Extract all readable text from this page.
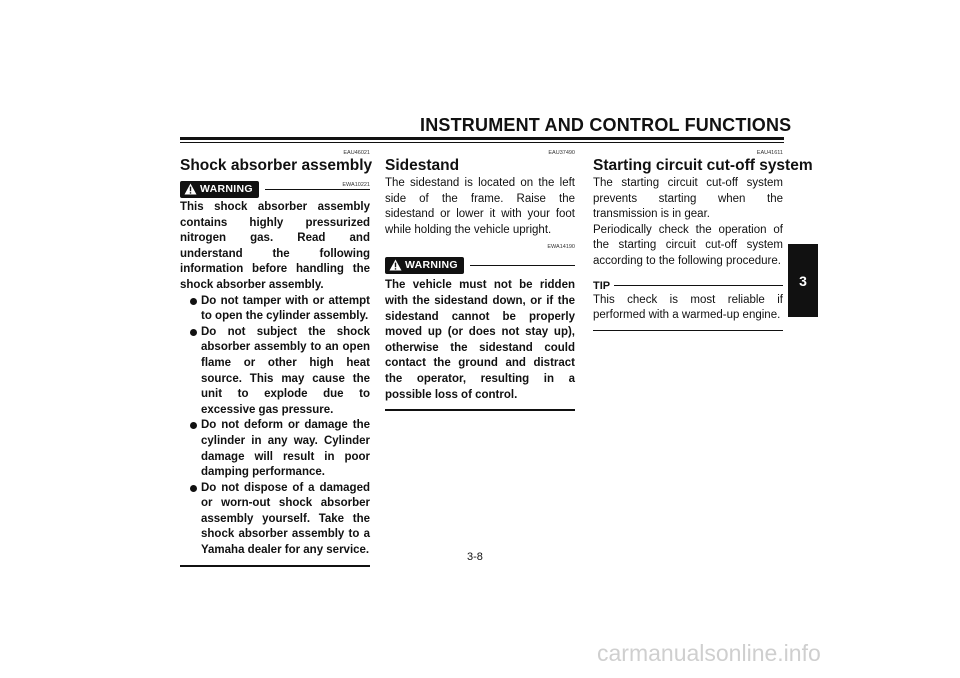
INSTRUMENT AND CONTROL FUNCTIONS
3
EAU46021
Shock absorber assembly
WARNING	EWA10221

This shock absorber assembly contains highly pressurized nitrogen gas. Read and understand the following information before handling the shock absorber assembly.

Do not tamper with or attempt to open the cylinder assembly.
Do not subject the shock absorber assembly to an open flame or other high heat source. This may cause the unit to explode due to excessive gas pressure.
Do not deform or damage the cylinder in any way. Cylinder damage will result in poor damping performance.
Do not dispose of a damaged or worn-out shock absorber assembly yourself. Take the shock absorber assembly to a Yamaha dealer for any service.
EAU37490
Sidestand

The sidestand is located on the left side of the frame. Raise the sidestand or lower it with your foot while holding the vehicle upright.

EWA14190
WARNING

The vehicle must not be ridden with the sidestand down, or if the sidestand cannot be properly moved up (or does not stay up), otherwise the sidestand could contact the ground and distract the operator, resulting in a possible loss of control.

EAU41611
Starting circuit cut-off system

The starting circuit cut-off system prevents starting when the transmission is in gear.

Periodically check the operation of the starting circuit cut-off system according to the following procedure.

TIP

This check is most reliable if performed with a warmed-up engine.

3-8
carmanualsonline.info
